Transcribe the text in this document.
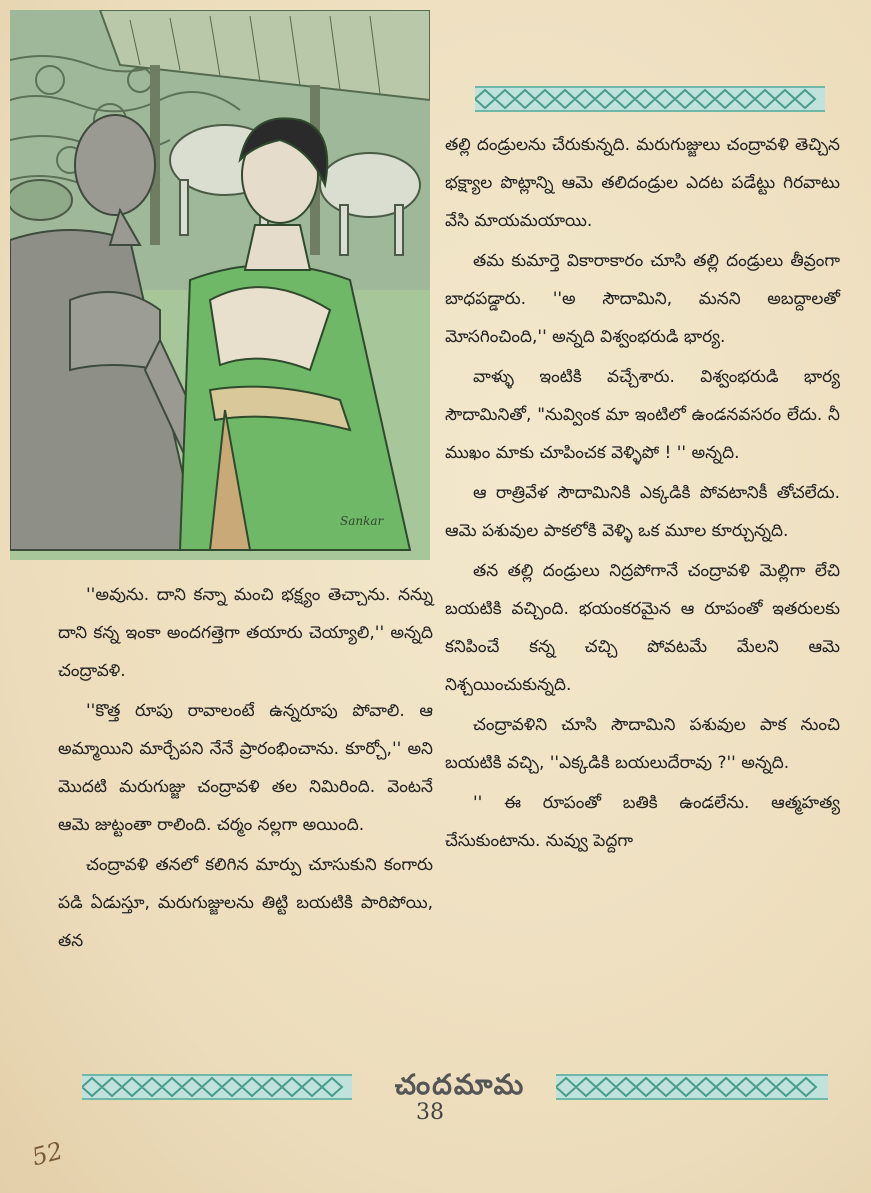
Sankar

తల్లి దండ్రులను చేరుకున్నది. మరుగుజ్జులు చంద్రావళి తెచ్చిన భక్ష్యాల పొట్లాన్ని ఆమె తలిదండ్రుల ఎదట పడేట్టు గిరవాటు వేసి మాయమయాయి.

తమ కుమార్తె వికారాకారం చూసి తల్లి దండ్రులు తీవ్రంగా బాధపడ్డారు. ''అ సౌదామిని, మనని అబద్దాలతో మోసగించింది,'' అన్నది విశ్వంభరుడి భార్య.

వాళ్ళు ఇంటికి వచ్చేశారు. విశ్వంభరుడి భార్య సౌదామినితో, "నువ్వింక మా ఇంటిలో ఉండనవసరం లేదు. నీ ముఖం మాకు చూపించక వెళ్ళిపో ! '' అన్నది.

ఆ రాత్రివేళ సౌదామినికి ఎక్కడికి పోవటానికీ తోచలేదు. ఆమె పశువుల పాకలోకి వెళ్ళి ఒక మూల కూర్చున్నది.

తన తల్లి దండ్రులు నిద్రపోగానే చంద్రావళి మెల్లిగా లేచి బయటికి వచ్చింది. భయంకరమైన ఆ రూపంతో ఇతరులకు కనిపించే కన్న చచ్చి పోవటమే మేలని ఆమె నిశ్చయించుకున్నది.

చంద్రావళిని చూసి సౌదామిని పశువుల పాక నుంచి బయటికి వచ్చి, ''ఎక్కడికి బయలుదేరావు ?'' అన్నది.

'' ఈ రూపంతో బతికి ఉండలేను. ఆత్మహత్య చేసుకుంటాను. నువ్వు పెద్దగా

''అవును. దాని కన్నా మంచి భక్ష్యం తెచ్చాను. నన్ను దాని కన్న ఇంకా అందగత్తెగా తయారు చెయ్యాలి,'' అన్నది చంద్రావళి.

''కొత్త రూపు రావాలంటే ఉన్నరూపు పోవాలి. ఆ అమ్మాయిని మార్చేపని నేనే ప్రారంభించాను. కూర్చో,'' అని మొదటి మరుగుజ్జు చంద్రావళి తల నిమిరింది. వెంటనే ఆమె జుట్టంతా రాలింది. చర్మం నల్లగా అయింది.

చంద్రావళి తనలో కలిగిన మార్పు చూసుకుని కంగారు పడి ఏడుస్తూ, మరుగుజ్జులను తిట్టి బయటికి పారిపోయి, తన

చందమామ
38
52
